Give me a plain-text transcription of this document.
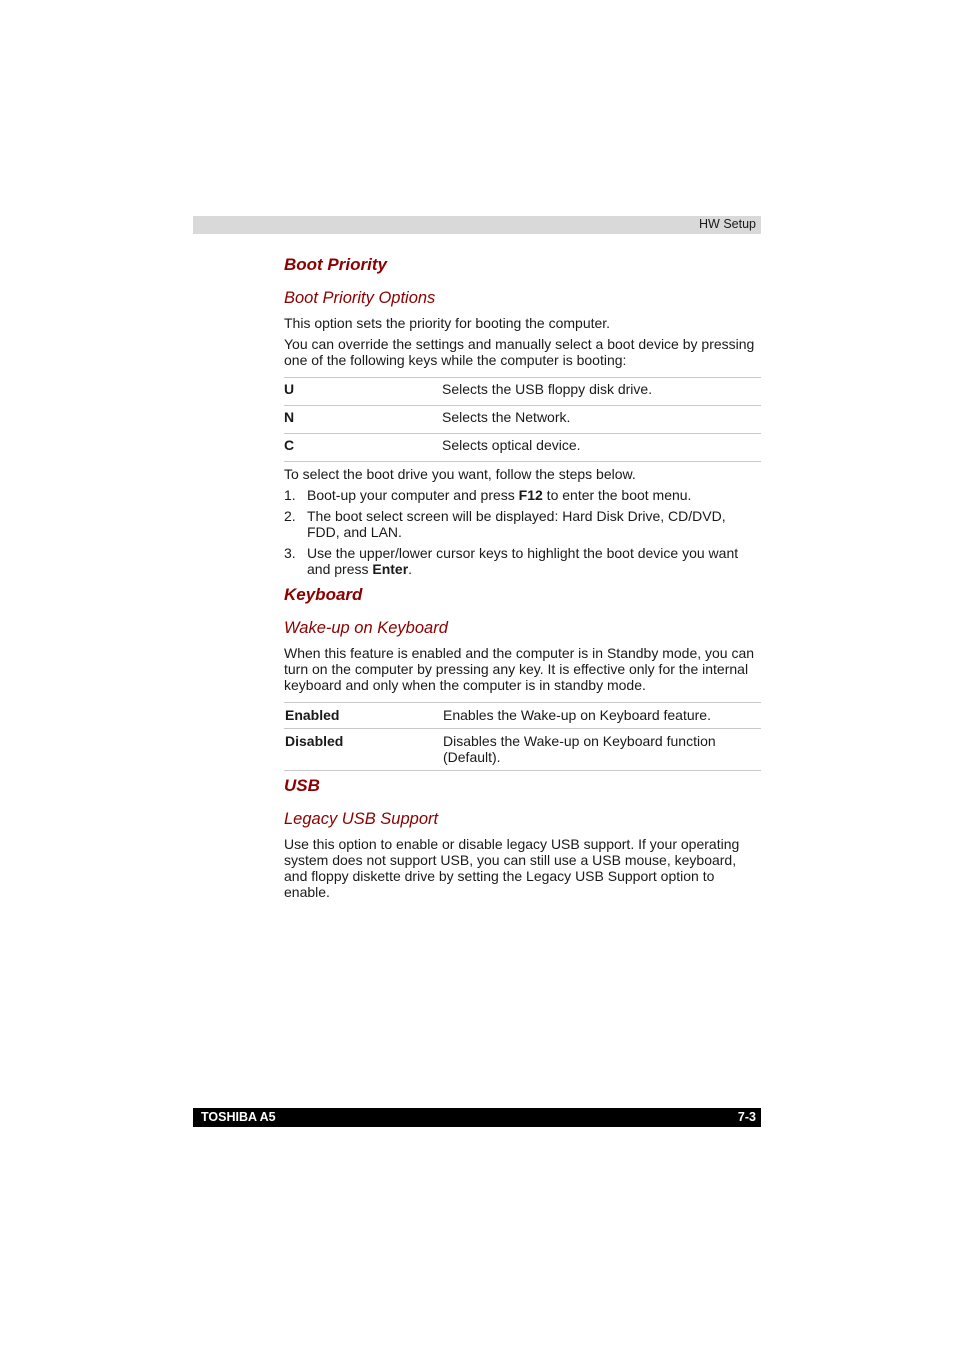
HW Setup
Boot Priority
Boot Priority Options

This option sets the priority for booting the computer.

You can override the settings and manually select a boot device by pressing one of the following keys while the computer is booting:

U	Selects the USB floppy disk drive.
N	Selects the Network.
C	Selects optical device.

To select the boot drive you want, follow the steps below.

1. Boot-up your computer and press F12 to enter the boot menu.
2. The boot select screen will be displayed: Hard Disk Drive, CD/DVD, FDD, and LAN.
3. Use the upper/lower cursor keys to highlight the boot device you want and press Enter.
Keyboard
Wake-up on Keyboard

When this feature is enabled and the computer is in Standby mode, you can turn on the computer by pressing any key. It is effective only for the internal keyboard and only when the computer is in standby mode.

Enabled	Enables the Wake-up on Keyboard feature.
Disabled	Disables the Wake-up on Keyboard function (Default).
USB
Legacy USB Support

Use this option to enable or disable legacy USB support. If your operating system does not support USB, you can still use a USB mouse, keyboard, and floppy diskette drive by setting the Legacy USB Support option to enable.

TOSHIBA A5	7-3
